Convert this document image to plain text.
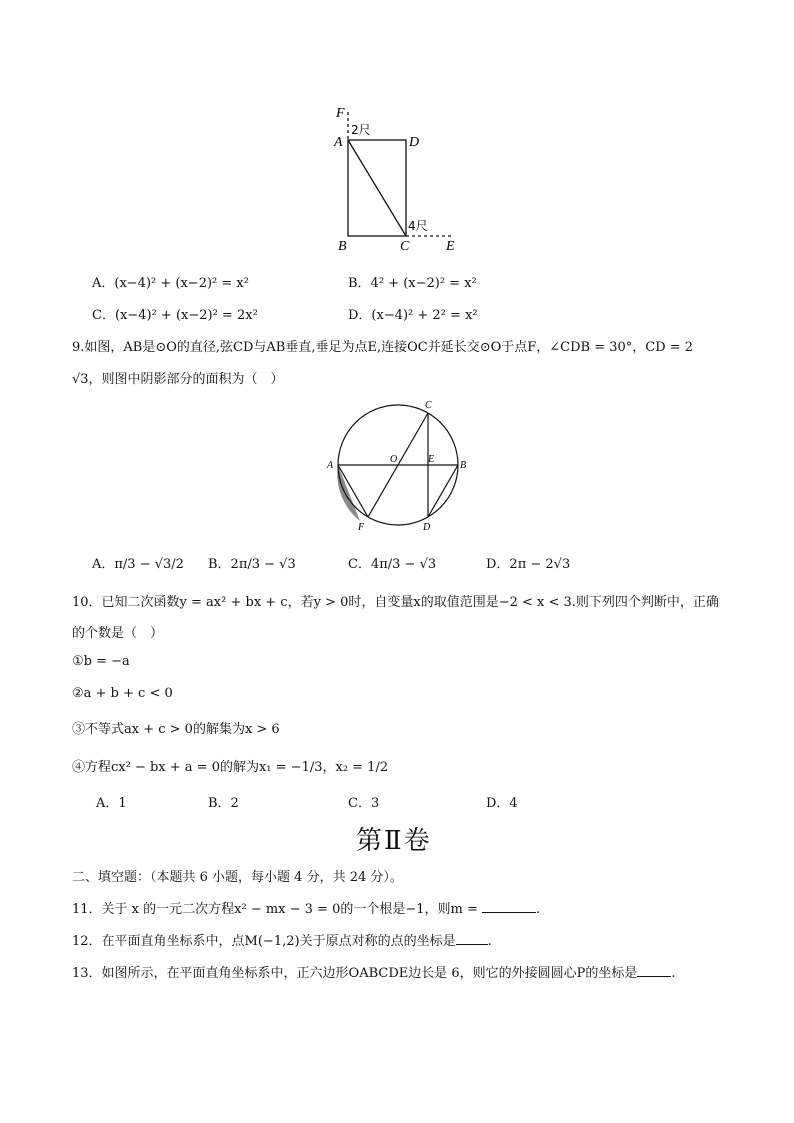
F
A	D
B	C	E
2尺
4尺
A．(x−4)² + (x−2)² = x²	B．4² + (x−2)² = x²
C．(x−4)² + (x−2)² = 2x²	D．(x−4)² + 2² = x²
9.如图，AB是⊙O的直径,弦CD与AB垂直,垂足为点E,连接OC并延长交⊙O于点F，∠CDB = 30°，CD = 2
√3，则图中阴影部分的面积为（　）
C
A
O	E
B
F	D
A．π/3 − √3/2 B．2π/3 − √3	C．4π/3 − √3	D．2π − 2√3
10．已知二次函数y = ax² + bx + c，若y > 0时，自变量x的取值范围是−2 < x < 3.则下列四个判断中，正确
的个数是（　）
①b = −a
②a + b + c < 0
③不等式ax + c > 0的解集为x > 6
④方程cx² − bx + a = 0的解为x₁ = −1/3，x₂ = 1/2
A．1	B．2	C．3	D．4
第Ⅱ卷
二、填空题：（本题共 6 小题，每小题 4 分，共 24 分）。
11．关于 x 的一元二次方程x² − mx − 3 = 0的一个根是−1，则m =	.
12．在平面直角坐标系中，点M(−1,2)关于原点对称的点的坐标是 .
13．如图所示，在平面直角坐标系中，正六边形OABCDE边长是 6，则它的外接圆圆心P的坐标是	.
